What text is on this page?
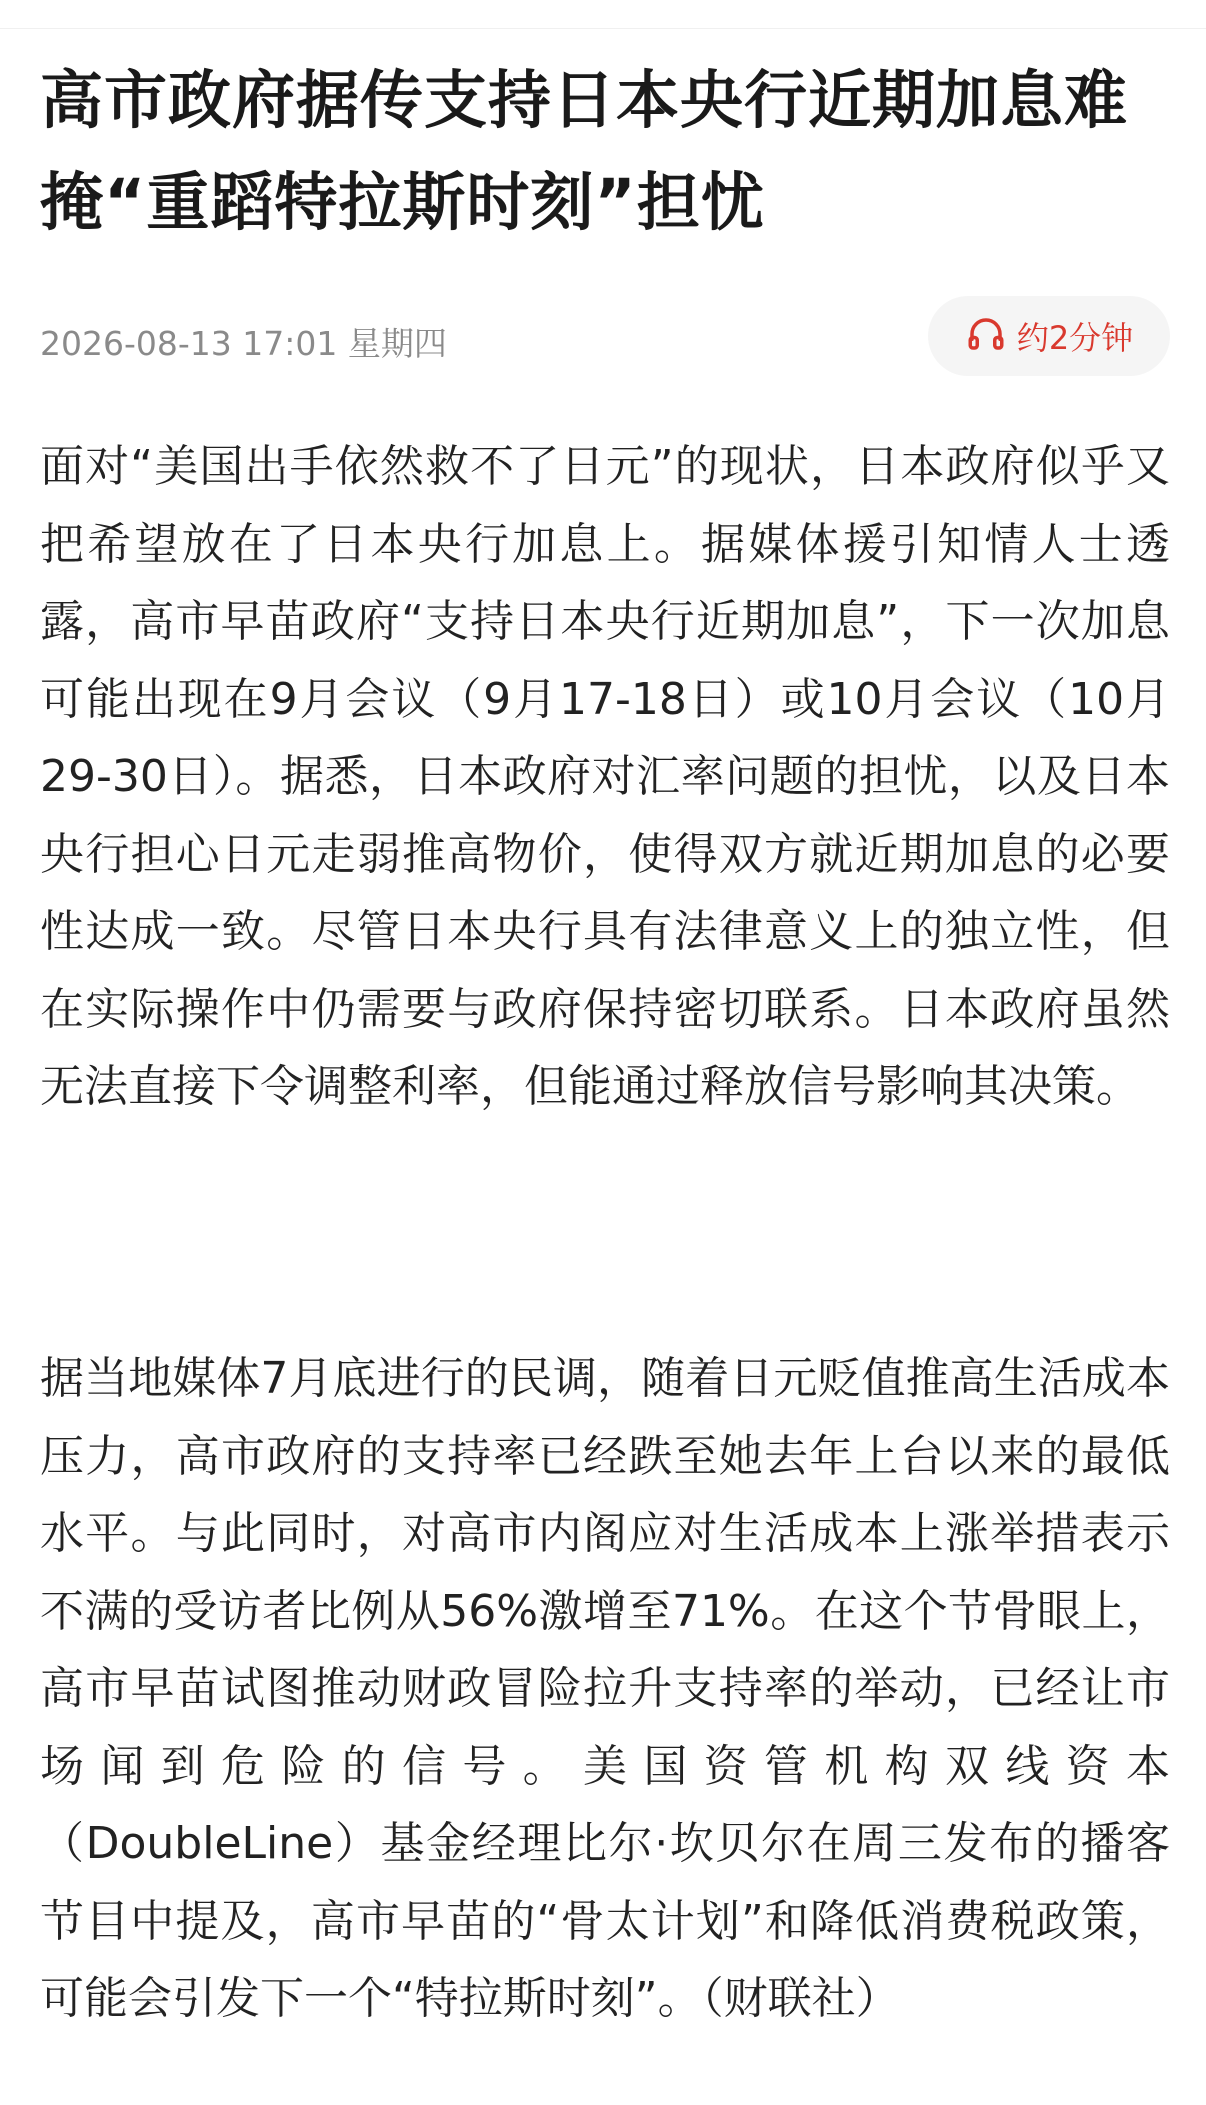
高市政府据传支持日本央行近期加息难掩“重蹈特拉斯时刻”担忧
2026-08-13 17:01 星期四	约2分钟

面对“美国出手依然救不了日元”的现状，日本政府似乎又把希望放在了日本央行加息上。据媒体援引知情人士透露，高市早苗政府“支持日本央行近期加息”，下一次加息可能出现在9月会议（9月17-18日）或10月会议（10月29-30日）。据悉，日本政府对汇率问题的担忧，以及日本央行担心日元走弱推高物价，使得双方就近期加息的必要性达成一致。尽管日本央行具有法律意义上的独立性，但在实际操作中仍需要与政府保持密切联系。日本政府虽然无法直接下令调整利率，但能通过释放信号影响其决策。

据当地媒体7月底进行的民调，随着日元贬值推高生活成本压力，高市政府的支持率已经跌至她去年上台以来的最低水平。与此同时，对高市内阁应对生活成本上涨举措表示不满的受访者比例从56%激增至71%。在这个节骨眼上，高市早苗试图推动财政冒险拉升支持率的举动，已经让市场闻到危险的信号。美国资管机构双线资本（DoubleLine）基金经理比尔·坎贝尔在周三发布的播客节目中提及，高市早苗的“骨太计划”和降低消费税政策，可能会引发下一个“特拉斯时刻”。（财联社）
